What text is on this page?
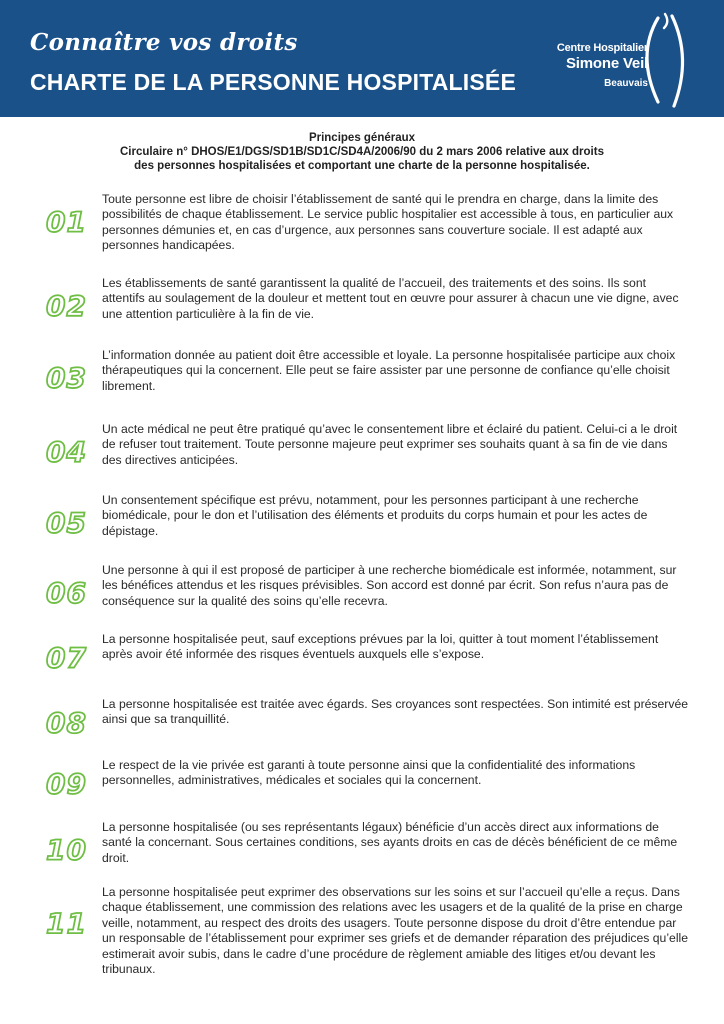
Connaître vos droits
CHARTE DE LA PERSONNE HOSPITALISÉE
Centre Hospitalier
Simone Veil
Beauvais
Principes généraux
Circulaire n° DHOS/E1/DGS/SD1B/SD1C/SD4A/2006/90 du 2 mars 2006 relative aux droits
des personnes hospitalisées et comportant une charte de la personne hospitalisée.
01
Toute personne est libre de choisir l’établissement de santé qui le prendra en charge, dans la limite des possibilités de chaque établissement. Le service public hospitalier est accessible à tous, en particulier aux personnes démunies et, en cas d’urgence, aux personnes sans couverture sociale. Il est adapté aux personnes handicapées.
02
Les établissements de santé garantissent la qualité de l’accueil, des traitements et des soins. Ils sont attentifs au soulagement de la douleur et mettent tout en œuvre pour assurer à chacun une vie digne, avec une attention particulière à la fin de vie.
03
L’information donnée au patient doit être accessible et loyale. La personne hospitalisée participe aux choix thérapeutiques qui la concernent. Elle peut se faire assister par une personne de confiance qu’elle choisit librement.
04
Un acte médical ne peut être pratiqué qu’avec le consentement libre et éclairé du patient. Celui-ci a le droit de refuser tout traitement. Toute personne majeure peut exprimer ses souhaits quant à sa fin de vie dans des directives anticipées.
05
Un consentement spécifique est prévu, notamment, pour les personnes participant à une recherche biomédicale, pour le don et l’utilisation des éléments et produits du corps humain et pour les actes de dépistage.
06
Une personne à qui il est proposé de participer à une recherche biomédicale est informée, notamment, sur les bénéfices attendus et les risques prévisibles. Son accord est donné par écrit. Son refus n’aura pas de conséquence sur la qualité des soins qu’elle recevra.
07
La personne hospitalisée peut, sauf exceptions prévues par la loi, quitter à tout moment l’établissement après avoir été informée des risques éventuels auxquels elle s’expose.
08
La personne hospitalisée est traitée avec égards. Ses croyances sont respectées. Son intimité est préservée ainsi que sa tranquillité.
09
Le respect de la vie privée est garanti à toute personne ainsi que la confidentialité des informations personnelles, administratives, médicales et sociales qui la concernent.
10
La personne hospitalisée (ou ses représentants légaux) bénéficie d’un accès direct aux informations de santé la concernant. Sous certaines conditions, ses ayants droits en cas de décès bénéficient de ce même droit.
11
La personne hospitalisée peut exprimer des observations sur les soins et sur l’accueil qu’elle a reçus. Dans chaque établissement, une commission des relations avec les usagers et de la qualité de la prise en charge veille, notamment, au respect des droits des usagers. Toute personne dispose du droit d’être entendue par un responsable de l’établissement pour exprimer ses griefs et de demander réparation des préjudices qu’elle estimerait avoir subis, dans le cadre d’une procédure de règlement amiable des litiges et/ou devant les tribunaux.
